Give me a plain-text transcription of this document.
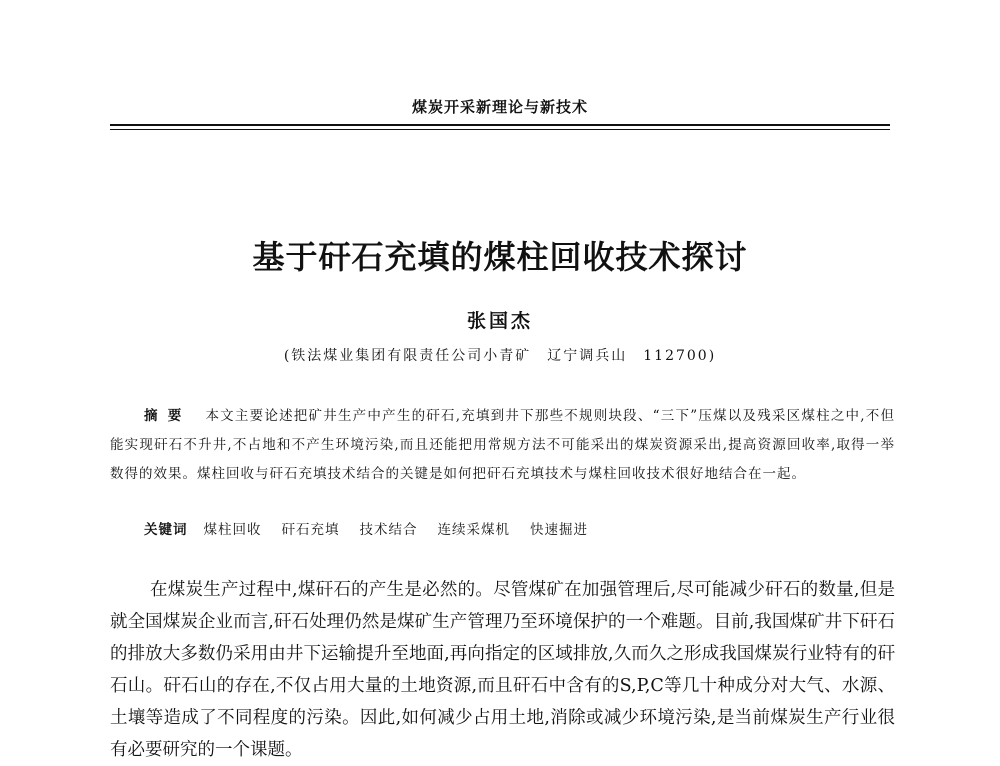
煤炭开采新理论与新技术
基于矸石充填的煤柱回收技术探讨
张国杰
(铁法煤业集团有限责任公司小青矿　辽宁调兵山　112700)
摘要 本文主要论述把矿井生产中产生的矸石,充填到井下那些不规则块段、“三下”压煤以及残采区煤柱之中,不但能实现矸石不升井,不占地和不产生环境污染,而且还能把用常规方法不可能采出的煤炭资源采出,提高资源回收率,取得一举数得的效果。煤柱回收与矸石充填技术结合的关键是如何把矸石充填技术与煤柱回收技术很好地结合在一起。
关键词 煤柱回收 矸石充填 技术结合 连续采煤机 快速掘进
在煤炭生产过程中,煤矸石的产生是必然的。尽管煤矿在加强管理后,尽可能减少矸石的数量,但是就全国煤炭企业而言,矸石处理仍然是煤矿生产管理乃至环境保护的一个难题。目前,我国煤矿井下矸石的排放大多数仍采用由井下运输提升至地面,再向指定的区域排放,久而久之形成我国煤炭行业特有的矸石山。矸石山的存在,不仅占用大量的土地资源,而且矸石中含有的S,P,C等几十种成分对大气、水源、土壤等造成了不同程度的污染。因此,如何减少占用土地,消除或减少环境污染,是当前煤炭生产行业很有必要研究的一个课题。
